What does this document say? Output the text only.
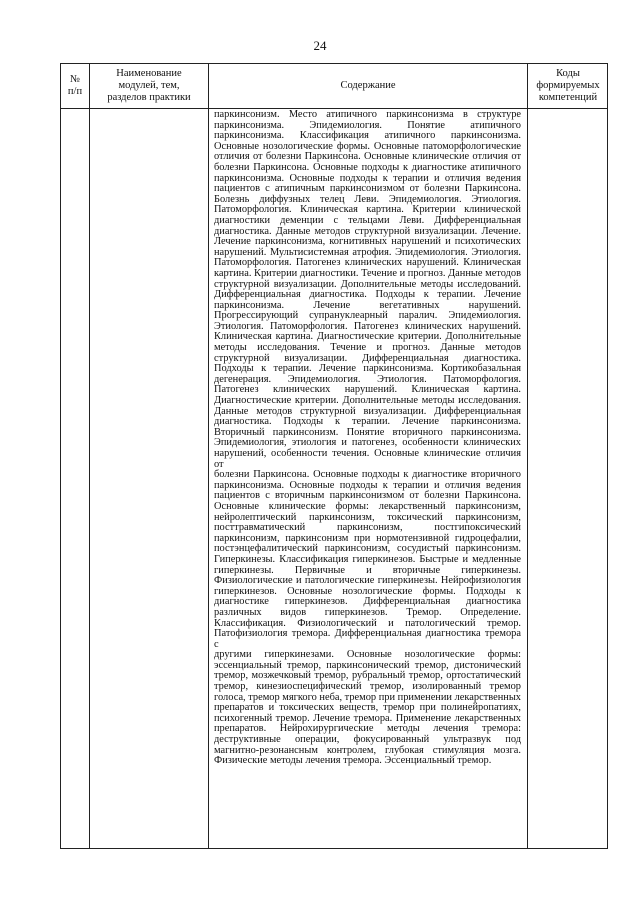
24
№
п/п
Содержание
Наименование
модулей, тем,
разделов практики
Коды
формируемых
компетенций
паркинсонизм. Место атипичного паркинсонизма в структуре
паркинсонизма. Эпидемиология. Понятие атипичного
паркинсонизма. Классификация атипичного паркинсонизма.
Основные нозологические формы. Основные патоморфологические
отличия от болезни Паркинсона. Основные клинические отличия от
болезни Паркинсона. Основные подходы к диагностике атипичного
паркинсонизма. Основные подходы к терапии и отличия ведения
пациентов с атипичным паркинсонизмом от болезни Паркинсона.
Болезнь диффузных телец Леви. Эпидемиология. Этиология.
Патоморфология. Клиническая картина. Критерии клинической
диагностики деменции с тельцами Леви. Дифференциальная
диагностика. Данные методов структурной визуализации. Лечение.
Лечение паркинсонизма, когнитивных нарушений и психотических
нарушений. Мультисистемная атрофия. Эпидемиология. Этиология.
Патоморфология. Патогенез клинических нарушений. Клиническая
картина. Критерии диагностики. Течение и прогноз. Данные методов
структурной визуализации. Дополнительные методы исследований.
Дифференциальная диагностика. Подходы к терапии. Лечение
паркинсонизма. Лечение вегетативных нарушений.
Прогрессирующий супрануклеарный паралич. Эпидемиология.
Этиология. Патоморфология. Патогенез клинических нарушений.
Клиническая картина. Диагностические критерии. Дополнительные
методы исследования. Течение и прогноз. Данные методов
структурной визуализации. Дифференциальная диагностика.
Подходы к терапии. Лечение паркинсонизма. Кортикобазальная
дегенерация. Эпидемиология. Этиология. Патоморфология.
Патогенез клинических нарушений. Клиническая картина.
Диагностические критерии. Дополнительные методы исследования.
Данные методов структурной визуализации. Дифференциальная
диагностика. Подходы к терапии. Лечение паркинсонизма.
Вторичный паркинсонизм. Понятие вторичного паркинсонизма.
Эпидемиология, этиология и патогенез, особенности клинических
нарушений, особенности течения. Основные клинические отличия от
болезни Паркинсона. Основные подходы к диагностике вторичного
паркинсонизма. Основные подходы к терапии и отличия ведения
пациентов с вторичным паркинсонизмом от болезни Паркинсона.
Основные клинические формы: лекарственный паркинсонизм,
нейролептический паркинсонизм, токсический паркинсонизм,
посттравматический паркинсонизм, постгипоксический
паркинсонизм, паркинсонизм при нормотензивной гидроцефалии,
постэнцефалитический паркинсонизм, сосудистый паркинсонизм.
Гиперкинезы. Классификация гиперкинезов. Быстрые и медленные
гиперкинезы. Первичные и вторичные гиперкинезы.
Физиологические и патологические гиперкинезы. Нейрофизиология
гиперкинезов. Основные нозологические формы. Подходы к
диагностике гиперкинезов. Дифференциальная диагностика
различных видов гиперкинезов. Тремор. Определение.
Классификация. Физиологический и патологический тремор.
Патофизиология тремора. Дифференциальная диагностика тремора с
другими гиперкинезами. Основные нозологические формы:
эссенциальный тремор, паркинсонический тремор, дистонический
тремор, мозжечковый тремор, рубральный тремор, ортостатический
тремор, кинезиоспецифический тремор, изолированный тремор
голоса, тремор мягкого неба, тремор при применении лекарственных
препаратов и токсических веществ, тремор при полинейропатиях,
психогенный тремор. Лечение тремора. Применение лекарственных
препаратов. Нейрохирургические методы лечения тремора:
деструктивные операции, фокусированный ультразвук под
магнитно-резонансным контролем, глубокая стимуляция мозга.
Физические методы лечения тремора. Эссенциальный тремор.
